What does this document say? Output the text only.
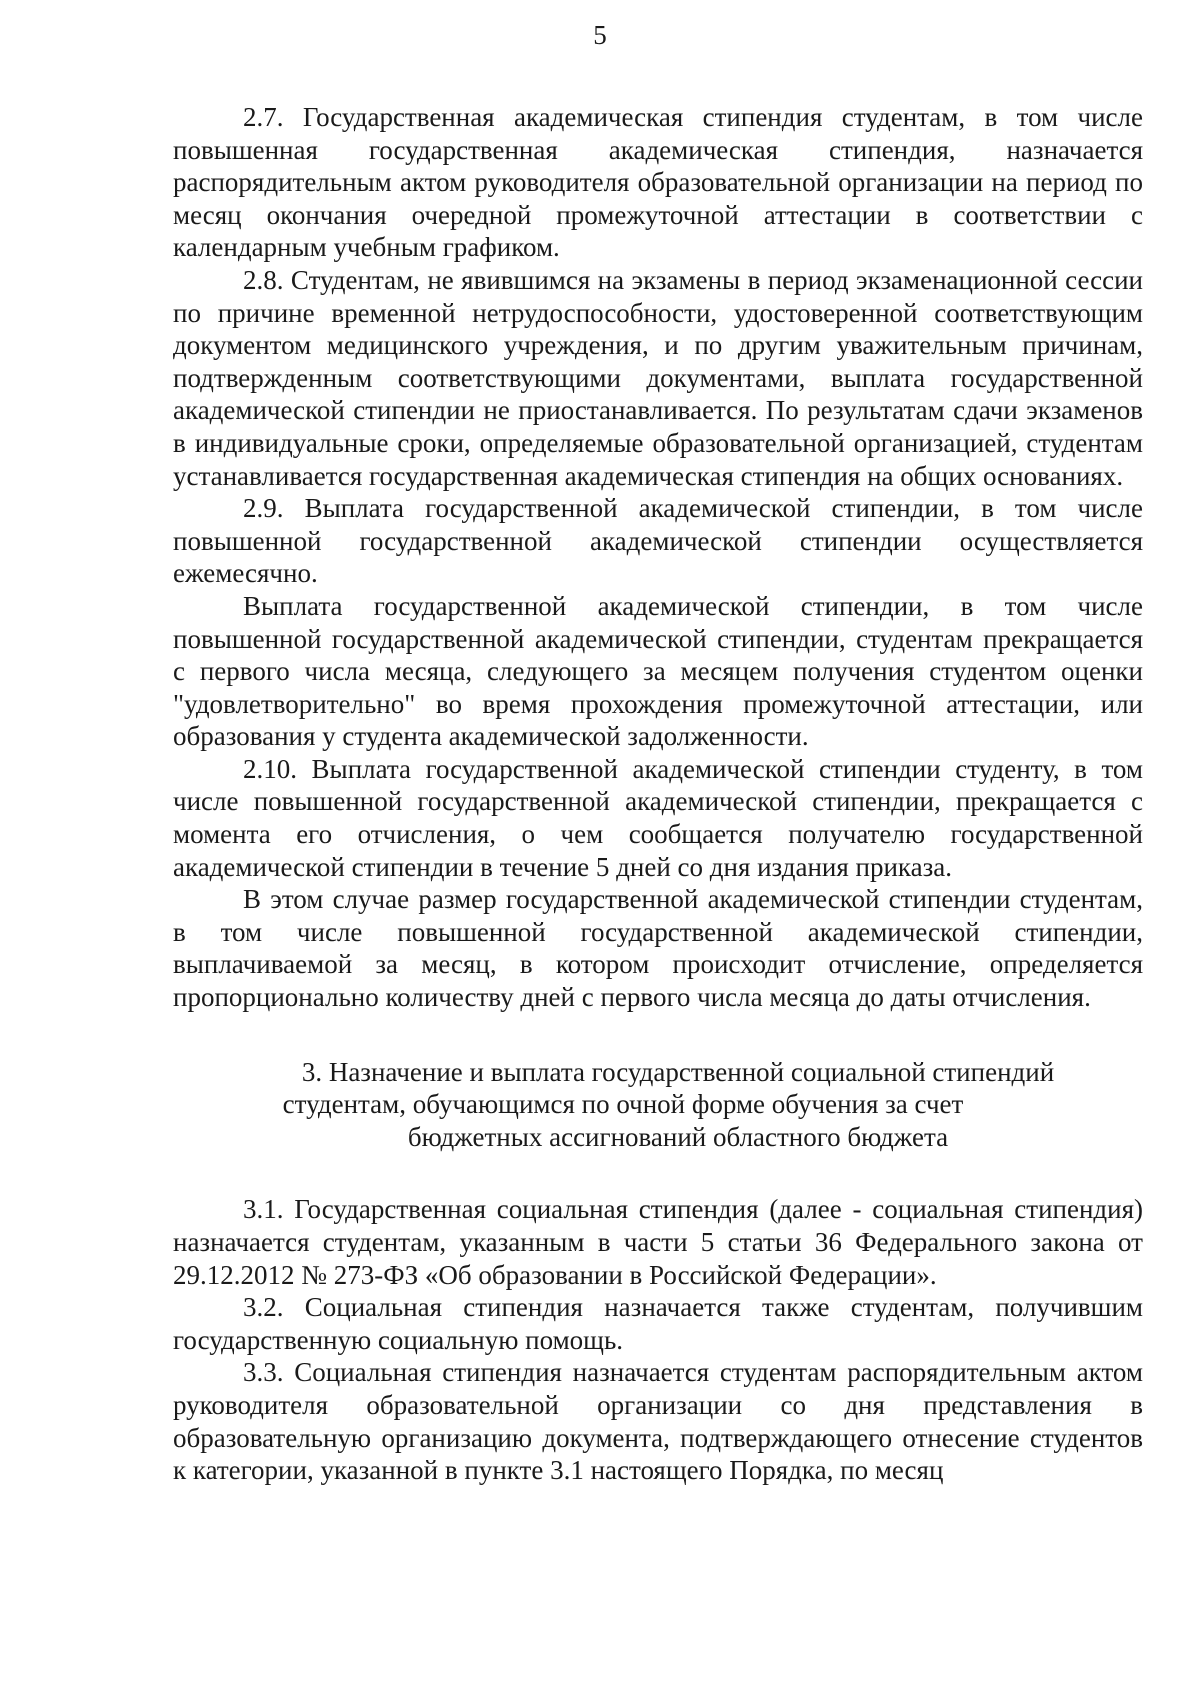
5

2.7. Государственная академическая стипендия студентам, в том числе повышенная государственная академическая стипендия, назначается распорядительным актом руководителя образовательной организации на период по месяц окончания очередной промежуточной аттестации в соответствии с календарным учебным графиком.

2.8. Студентам, не явившимся на экзамены в период экзаменационной сессии по причине временной нетрудоспособности, удостоверенной соответствующим документом медицинского учреждения, и по другим уважительным причинам, подтвержденным соответствующими документами, выплата государственной академической стипендии не приостанавливается. По результатам сдачи экзаменов в индивидуальные сроки, определяемые образовательной организацией, студентам устанавливается государственная академическая стипендия на общих основаниях.

2.9. Выплата государственной академической стипендии, в том числе повышенной государственной академической стипендии осуществляется ежемесячно.

Выплата государственной академической стипендии, в том числе повышенной государственной академической стипендии, студентам прекращается с первого числа месяца, следующего за месяцем получения студентом оценки "удовлетворительно" во время прохождения промежуточной аттестации, или образования у студента академической задолженности.

2.10. Выплата государственной академической стипендии студенту, в том числе повышенной государственной академической стипендии, прекращается с момента его отчисления, о чем сообщается получателю государственной академической стипендии в течение 5 дней со дня издания приказа.

В этом случае размер государственной академической стипендии студентам, в том числе повышенной государственной академической стипендии, выплачиваемой за месяц, в котором происходит отчисление, определяется пропорционально количеству дней с первого числа месяца до даты отчисления.

3. Назначение и выплата государственной социальной стипендий
студентам, обучающимся по очной форме обучения за счет
бюджетных ассигнований областного бюджета

3.1. Государственная социальная стипендия (далее - социальная стипендия) назначается студентам, указанным в части 5 статьи 36 Федерального закона от 29.12.2012 № 273-ФЗ «Об образовании в Российской Федерации».

3.2. Социальная стипендия назначается также студентам, получившим государственную социальную помощь.

3.3. Социальная стипендия назначается студентам распорядительным актом руководителя образовательной организации со дня представления в образовательную организацию документа, подтверждающего отнесение студентов к категории, указанной в пункте 3.1 настоящего Порядка, по месяц
